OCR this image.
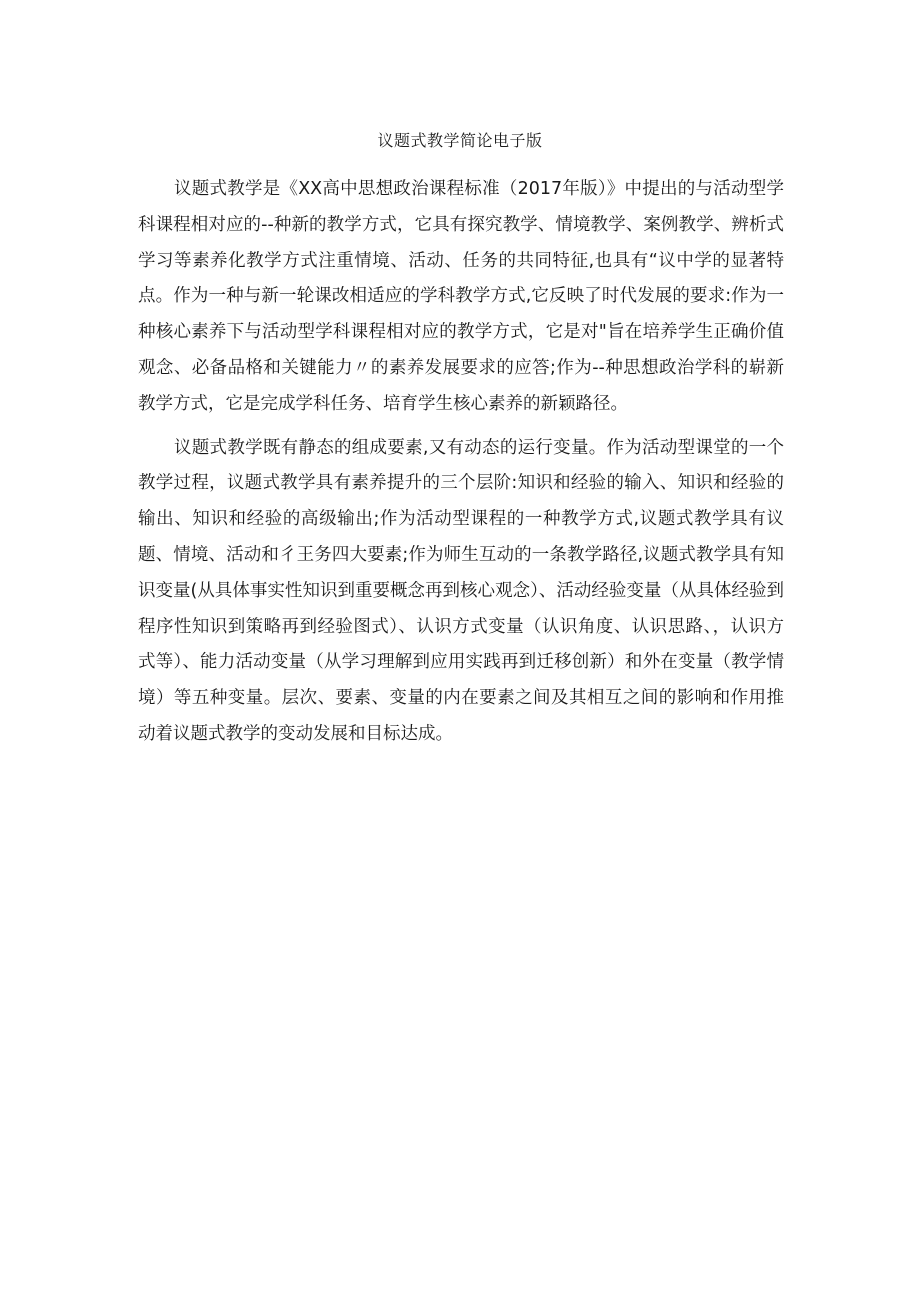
议题式教学简论电子版

议题式教学是《XX高中思想政治课程标准（2017年版）》中提出的与活动型学科课程相对应的--种新的教学方式，它具有探究教学、情境教学、案例教学、辨析式学习等素养化教学方式注重情境、活动、任务的共同特征,也具有“议中学的显著特点。作为一种与新一轮课改相适应的学科教学方式,它反映了时代发展的要求:作为一种核心素养下与活动型学科课程相对应的教学方式，它是对"旨在培养学生正确价值观念、必备品格和关键能力〃的素养发展要求的应答;作为--种思想政治学科的崭新教学方式，它是完成学科任务、培育学生核心素养的新颖路径。

议题式教学既有静态的组成要素,又有动态的运行变量。作为活动型课堂的一个教学过程，议题式教学具有素养提升的三个层阶:知识和经验的输入、知识和经验的输出、知识和经验的高级输出;作为活动型课程的一种教学方式,议题式教学具有议题、情境、活动和彳王务四大要素;作为师生互动的一条教学路径,议题式教学具有知识变量(从具体事实性知识到重要概念再到核心观念）、活动经验变量（从具体经验到程序性知识到策略再到经验图式）、认识方式变量（认识角度、认识思路、，认识方式等）、能力活动变量（从学习理解到应用实践再到迁移创新）和外在变量（教学情境）等五种变量。层次、要素、变量的内在要素之间及其相互之间的影响和作用推动着议题式教学的变动发展和目标达成。
